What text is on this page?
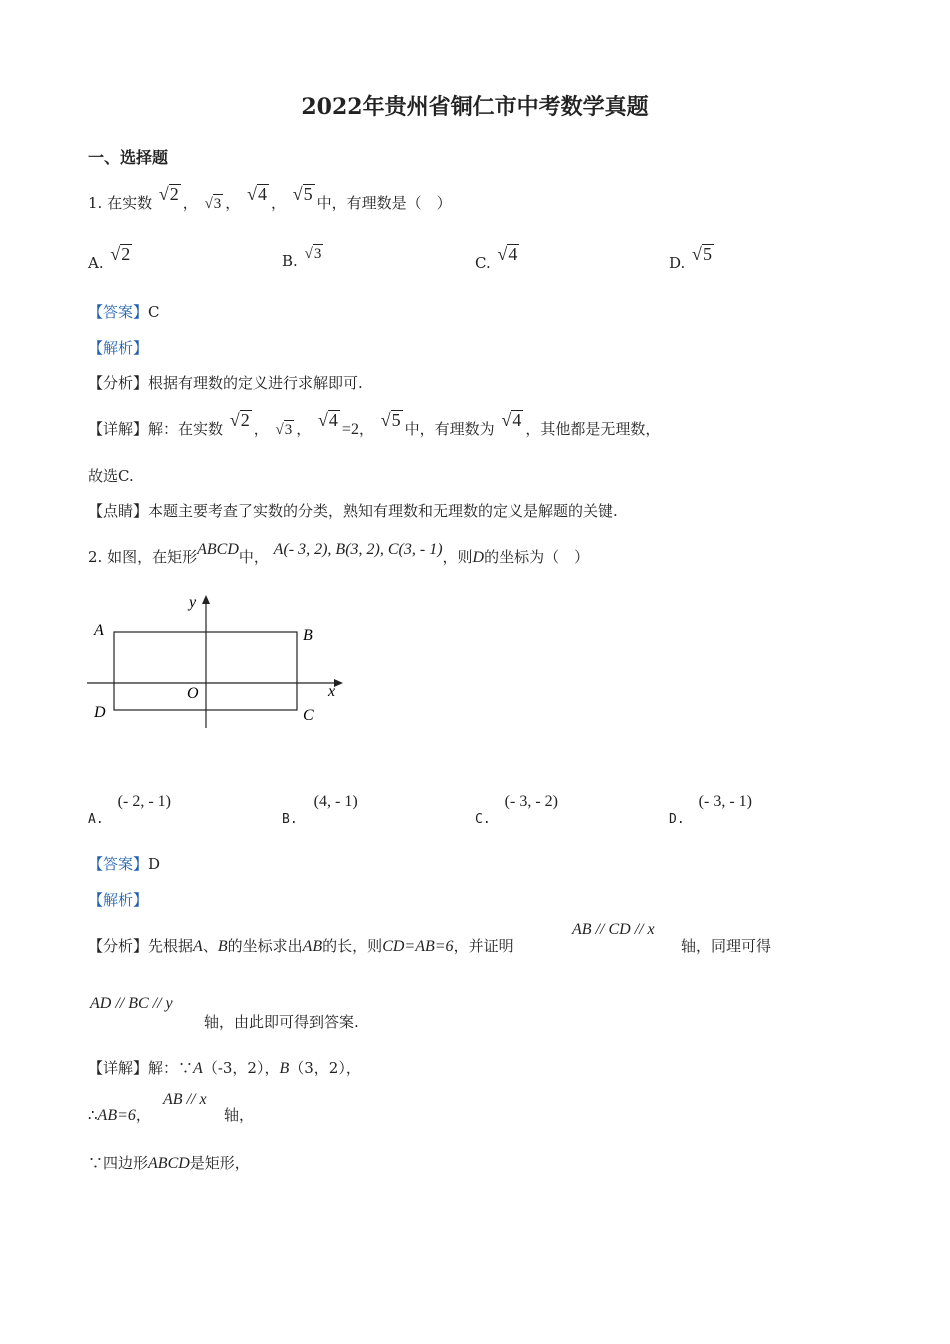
2022年贵州省铜仁市中考数学真题
一、选择题
1. 在实数 √2 ， √3 ， √4 ， √5 中，有理数是（　）
A. √2	B. √3	C. √4	D. √5
【答案】C
【解析】
【分析】根据有理数的定义进行求解即可.
【详解】解：在实数 √2 ， √3 ， √4 =2， √5 中，有理数为 √4 ，其他都是无理数，
故选C.
【点睛】本题主要考查了实数的分类，熟知有理数和无理数的定义是解题的关键.
2. 如图，在矩形ABCD中， A(- 3, 2), B(3, 2), C(3, - 1)，则D的坐标为（　）
y
x
O
A	B
C
D
A.(- 2, - 1)
B.(4, - 1)
C.(- 3, - 2)
D.(- 3, - 1)
【答案】D
【解析】
【分析】先根据A、B的坐标求出AB的长，则CD=AB=6，并证明
AB // CD // x
轴，同理可得
AD // BC // y
轴，由此即可得到答案.
【详解】解：∵A（-3，2），B（3，2），
∴AB=6，
AB // x
轴，
∵四边形ABCD是矩形，
